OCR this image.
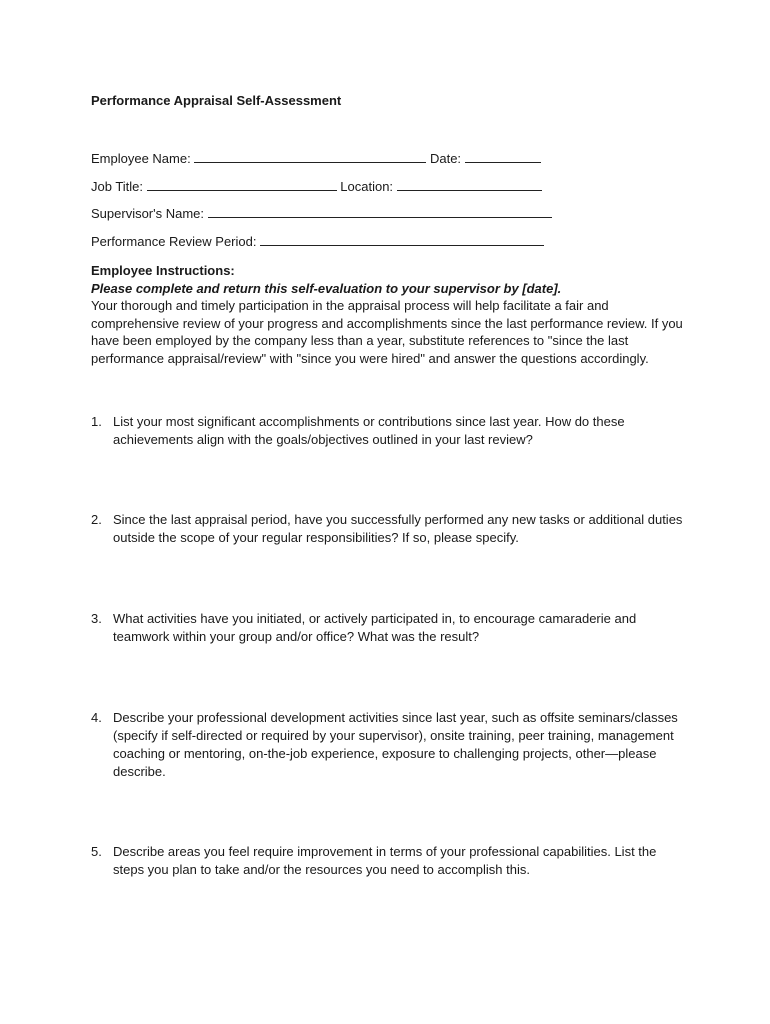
Performance Appraisal Self-Assessment
Employee Name:	Date:
Job Title:	Location:
Supervisor's Name:
Performance Review Period:
Employee Instructions:
Please complete and return this self-evaluation to your supervisor by [date].
Your thorough and timely participation in the appraisal process will help facilitate a fair and comprehensive review of your progress and accomplishments since the last performance review. If you have been employed by the company less than a year, substitute references to "since the last performance appraisal/review" with "since you were hired" and answer the questions accordingly.
1. List your most significant accomplishments or contributions since last year. How do these achievements align with the goals/objectives outlined in your last review?
2. Since the last appraisal period, have you successfully performed any new tasks or additional duties outside the scope of your regular responsibilities? If so, please specify.
3. What activities have you initiated, or actively participated in, to encourage camaraderie and teamwork within your group and/or office? What was the result?
4. Describe your professional development activities since last year, such as offsite seminars/classes (specify if self-directed or required by your supervisor), onsite training, peer training, management coaching or mentoring, on-the-job experience, exposure to challenging projects, other—please describe.
5. Describe areas you feel require improvement in terms of your professional capabilities. List the steps you plan to take and/or the resources you need to accomplish this.
